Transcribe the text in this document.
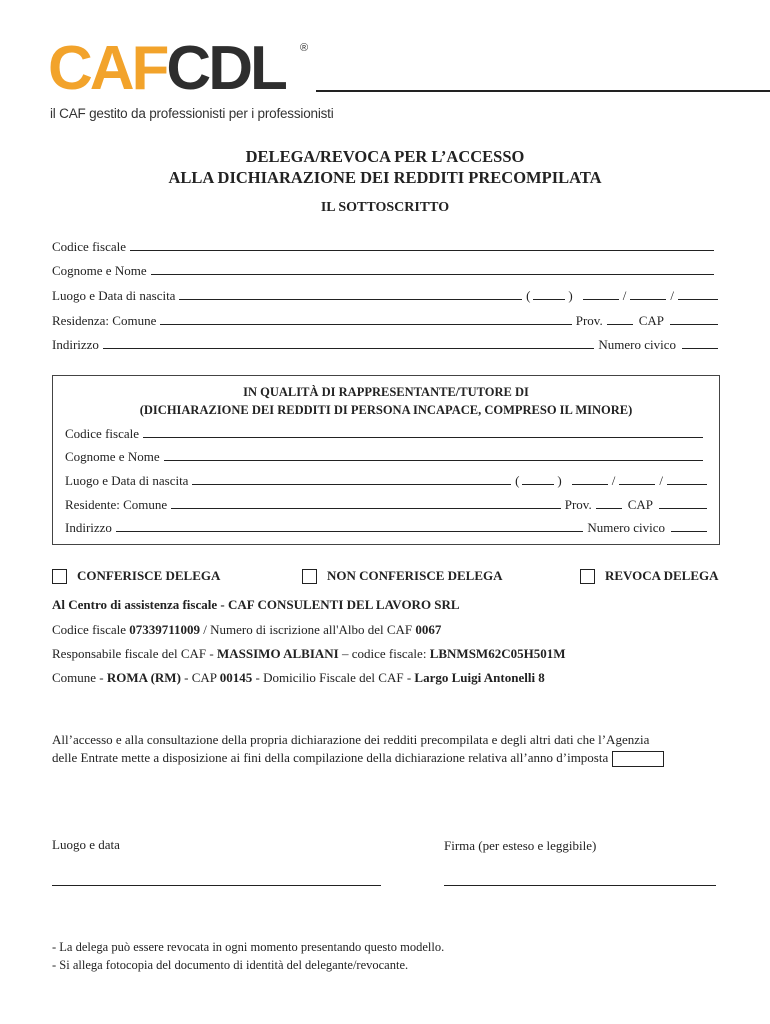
CAFCDL ®
il CAF gestito da professionisti per i professionisti
DELEGA/REVOCA PER L’ACCESSO
ALLA DICHIARAZIONE DEI REDDITI PRECOMPILATA
IL SOTTOSCRITTO
Codice fiscale
Cognome e Nome
Luogo e Data di nascita	(	)	/	/
Residenza: Comune	Prov.	CAP
Indirizzo	Numero civico
IN QUALITÀ DI RAPPRESENTANTE/TUTORE DI
(DICHIARAZIONE DEI REDDITI DI PERSONA INCAPACE, COMPRESO IL MINORE)
Codice fiscale
Cognome e Nome
Luogo e Data di nascita	(	)	/	/
Residente: Comune	Prov.	CAP
Indirizzo	Numero civico
CONFERISCE DELEGA	NON CONFERISCE DELEGA	REVOCA DELEGA
Al Centro di assistenza fiscale - CAF CONSULENTI DEL LAVORO SRL
Codice fiscale 07339711009 / Numero di iscrizione all'Albo del CAF 0067
Responsabile fiscale del CAF - MASSIMO ALBIANI – codice fiscale: LBNMSM62C05H501M
Comune - ROMA (RM) - CAP 00145 - Domicilio Fiscale del CAF - Largo Luigi Antonelli 8
All’accesso e alla consultazione della propria dichiarazione dei redditi precompilata e degli altri dati che l’Agenzia
delle Entrate mette a disposizione ai fini della compilazione della dichiarazione relativa all’anno d’imposta
Luogo e data	Firma (per esteso e leggibile)
- La delega può essere revocata in ogni momento presentando questo modello.
- Si allega fotocopia del documento di identità del delegante/revocante.
